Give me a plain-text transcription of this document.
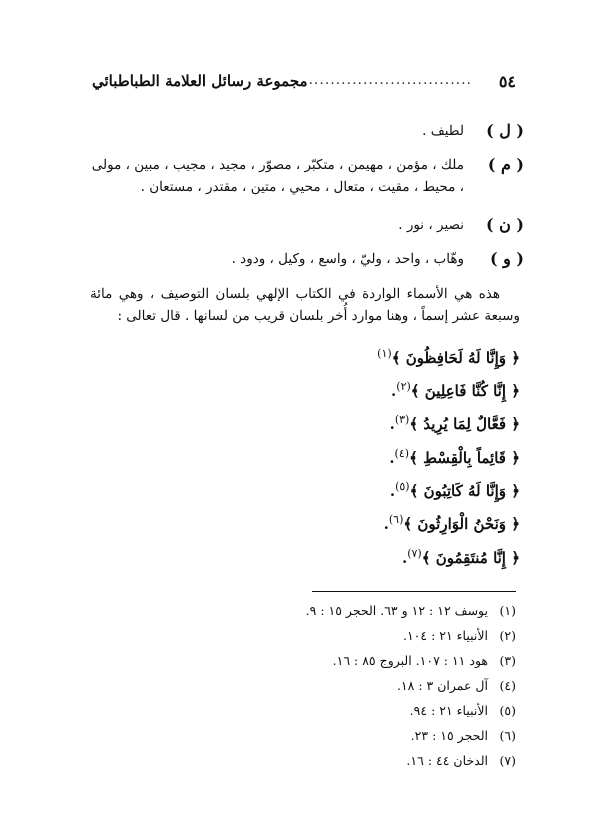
٥٤
..............................
مجموعة رسائل العلامة الطباطبائي
( ل )
لطيف .
( م )
ملك ، مؤمن ، مهيمن ، متكبّر ، مصوّر ، مجيد ، مجيب ، مبين ، مولى ، محيط ، مقيت ، متعال ، محيي ، متين ، مقتدر ، مستعان .
( ن )
نصير ، نور .
( و )
وهّاب ، واحد ، وليّ ، واسع ، وكيل ، ودود .
هذه هي الأسماء الواردة في الكتاب الإلهي بلسان التوصيف ، وهي مائة وسبعة عشر إسماً ، وهنا موارد أُخر بلسان قريب من لسانها . قال تعالى :
﴿ وَإِنَّا لَهُ لَحَافِظُونَ ﴾$^{(١)}$
﴿ إِنَّا كُنَّا فَاعِلِينَ ﴾$^{(٢)}$.
﴿ فَعَّالٌ لِمَا يُرِيدُ ﴾$^{(٣)}$.
﴿ قَائِماً بِالْقِسْطِ ﴾$^{(٤)}$.
﴿ وَإِنَّا لَهُ كَاتِبُونَ ﴾$^{(٥)}$.
﴿ وَنَحْنُ الْوَارِثُونَ ﴾$^{(٦)}$.
﴿ إِنَّا مُنتَقِمُونَ ﴾$^{(٧)}$.
(١)يوسف ١٢ : ١٢ و ٦٣. الحجر ١٥ : ٩.
(٢)الأنبياء ٢١ : ١٠٤.
(٣)هود ١١ : ١٠٧. البروج ٨٥ : ١٦.
(٤)آل عمران ٣ : ١٨.
(٥)الأنبياء ٢١ : ٩٤.
(٦)الحجر ١٥ : ٢٣.
(٧)الدخان ٤٤ : ١٦.
